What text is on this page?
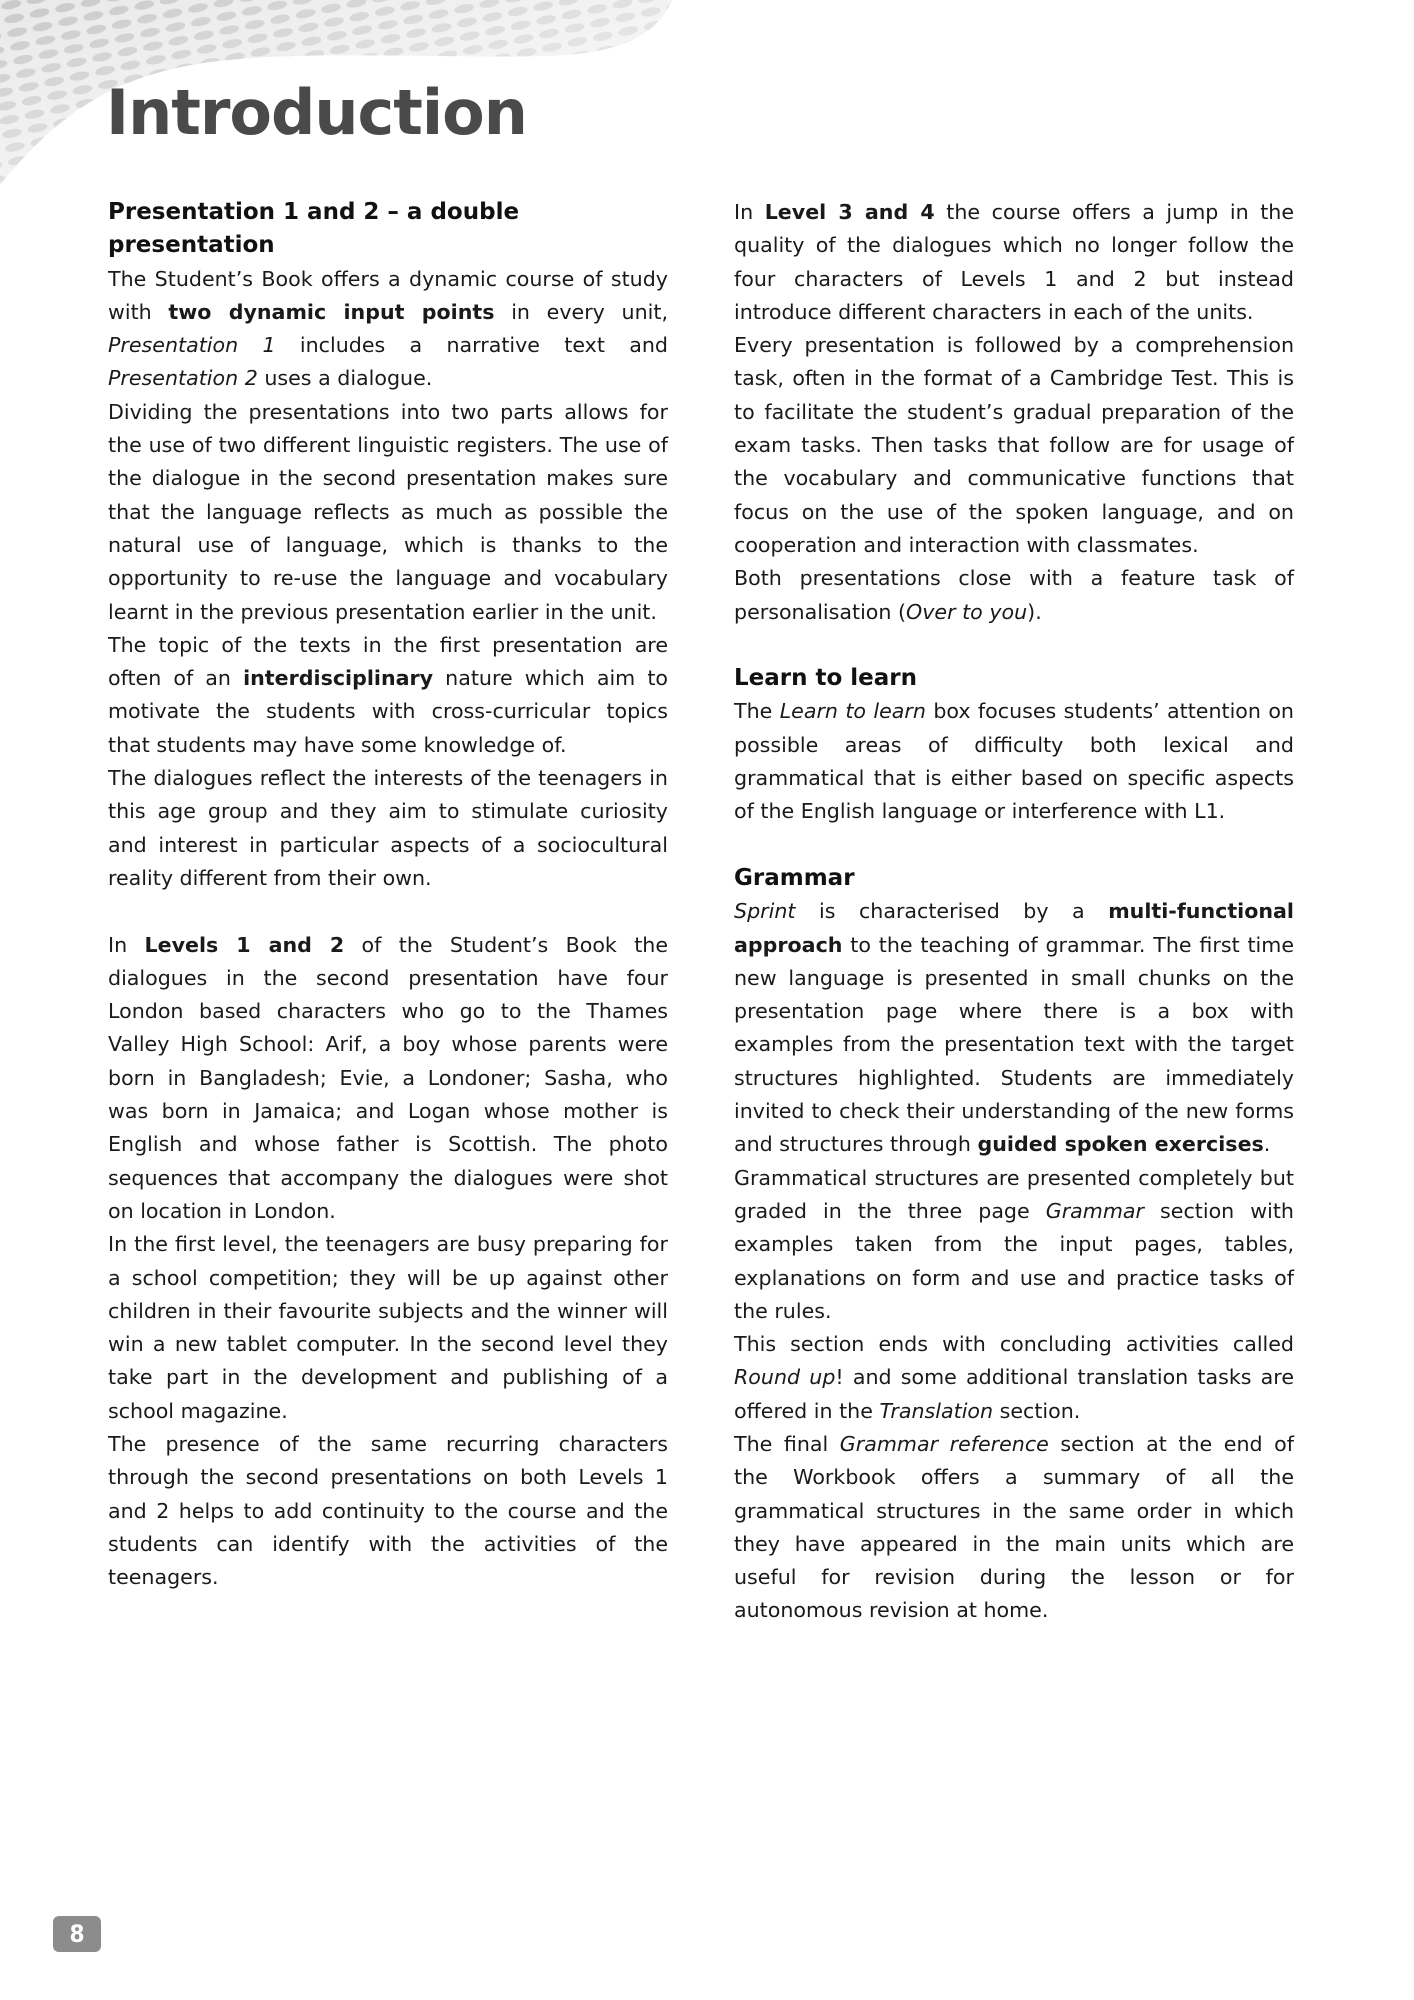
Introduction
Presentation 1 and 2 – a double presentation

The Student’s Book offers a dynamic course of study with two dynamic input points in every unit, Presentation 1 includes a narrative text and Presentation 2 uses a dialogue.

Dividing the presentations into two parts allows for the use of two different linguistic registers. The use of the dialogue in the second presentation makes sure that the language reflects as much as possible the natural use of language, which is thanks to the opportunity to re-use the language and vocabulary learnt in the previous presentation earlier in the unit.

The topic of the texts in the first presentation are often of an interdisciplinary nature which aim to motivate the students with cross-curricular topics that students may have some knowledge of.

The dialogues reflect the interests of the teenagers in this age group and they aim to stimulate curiosity and interest in particular aspects of a sociocultural reality different from their own.

In Levels 1 and 2 of the Student’s Book the dialogues in the second presentation have four London based characters who go to the Thames Valley High School: Arif, a boy whose parents were born in Bangladesh; Evie, a Londoner; Sasha, who was born in Jamaica; and Logan whose mother is English and whose father is Scottish. The photo sequences that accompany the dialogues were shot on location in London.

In the first level, the teenagers are busy preparing for a school competition; they will be up against other children in their favourite subjects and the winner will win a new tablet computer. In the second level they take part in the development and publishing of a school magazine.

The presence of the same recurring characters through the second presentations on both Levels 1 and 2 helps to add continuity to the course and the students can identify with the activities of the teenagers.

In Level 3 and 4 the course offers a jump in the quality of the dialogues which no longer follow the four characters of Levels 1 and 2 but instead introduce different characters in each of the units.

Every presentation is followed by a comprehension task, often in the format of a Cambridge Test. This is to facilitate the student’s gradual preparation of the exam tasks. Then tasks that follow are for usage of the vocabulary and communicative functions that focus on the use of the spoken language, and on cooperation and interaction with classmates.

Both presentations close with a feature task of personalisation (Over to you).

Learn to learn

The Learn to learn box focuses students’ attention on possible areas of difficulty both lexical and grammatical that is either based on specific aspects of the English language or interference with L1.

Grammar

Sprint is characterised by a multi-functional approach to the teaching of grammar. The first time new language is presented in small chunks on the presentation page where there is a box with examples from the presentation text with the target structures highlighted. Students are immediately invited to check their understanding of the new forms and structures through guided spoken exercises.

Grammatical structures are presented completely but graded in the three page Grammar section with examples taken from the input pages, tables, explanations on form and use and practice tasks of the rules.

This section ends with concluding activities called Round up! and some additional translation tasks are offered in the Translation section.

The final Grammar reference section at the end of the Workbook offers a summary of all the grammatical structures in the same order in which they have appeared in the main units which are useful for revision during the lesson or for autonomous revision at home.

8
